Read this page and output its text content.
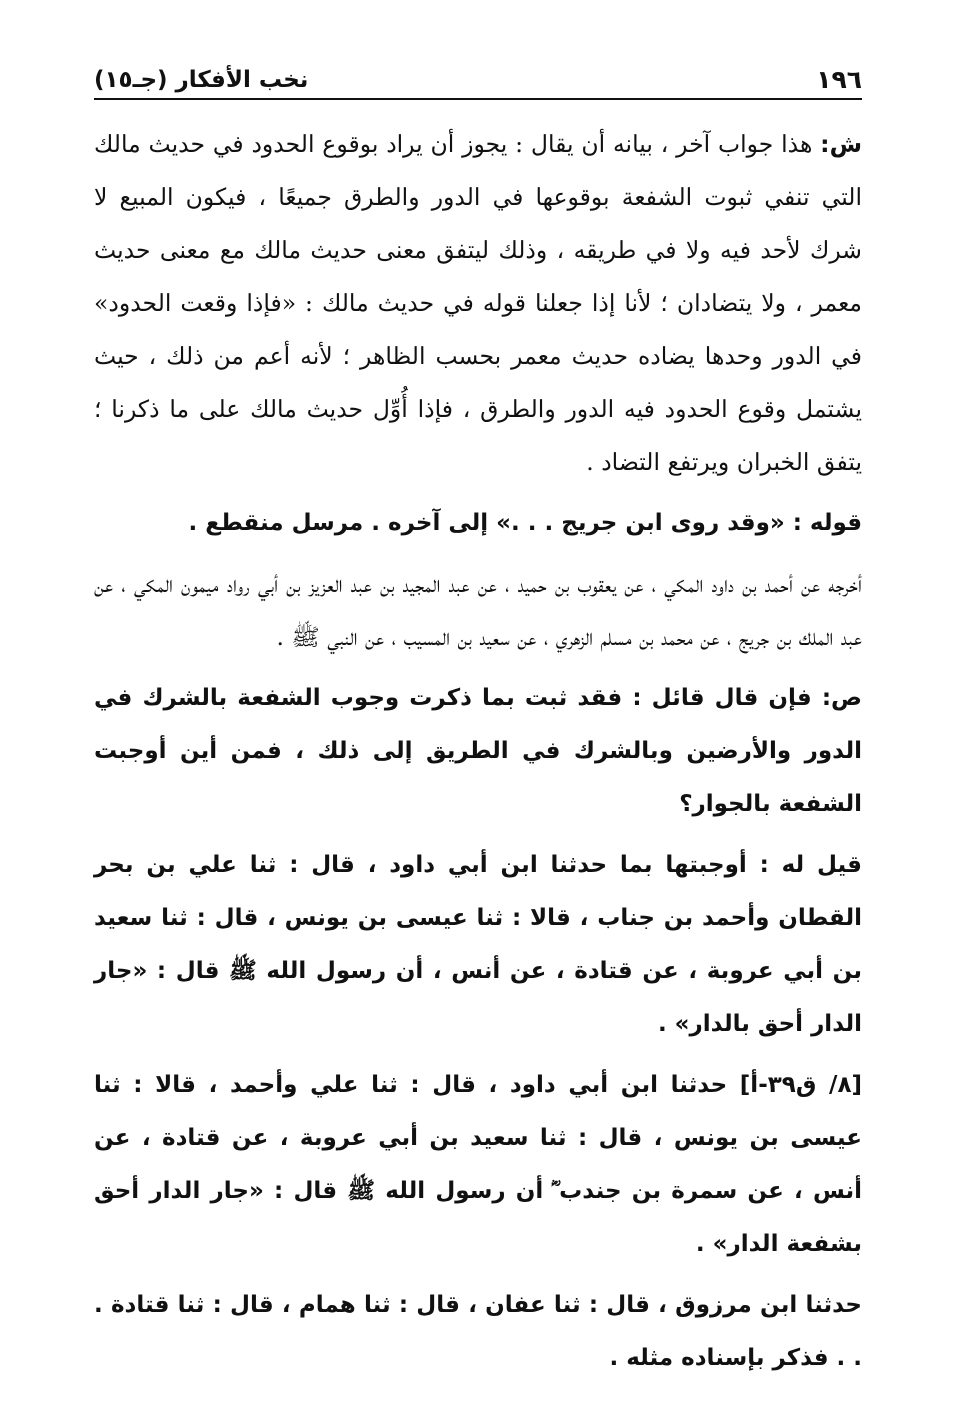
١٩٦
نخب الأفكار (جـ١٥)

ش: هذا جواب آخر ، بيانه أن يقال : يجوز أن يراد بوقوع الحدود في حديث مالك التي تنفي ثبوت الشفعة بوقوعها في الدور والطرق جميعًا ، فيكون المبيع لا شرك لأحد فيه ولا في طريقه ، وذلك ليتفق معنى حديث مالك مع معنى حديث معمر ، ولا يتضادان ؛ لأنا إذا جعلنا قوله في حديث مالك : «فإذا وقعت الحدود» في الدور وحدها يضاده حديث معمر بحسب الظاهر ؛ لأنه أعم من ذلك ، حيث يشتمل وقوع الحدود فيه الدور والطرق ، فإذا أُوِّل حديث مالك على ما ذكرنا ؛ يتفق الخبران ويرتفع التضاد .

قوله : «وقد روى ابن جريج . . .» إلى آخره . مرسل منقطع .

أخرجه عن أحمد بن داود المكي ، عن يعقوب بن حميد ، عن عبد المجيد بن عبد العزيز بن أبي رواد ميمون المكي ، عن عبد الملك بن جريج ، عن محمد بن مسلم الزهري ، عن سعيد بن المسيب ، عن النبي ﷺ .

ص: فإن قال قائل : فقد ثبت بما ذكرت وجوب الشفعة بالشرك في الدور والأرضين وبالشرك في الطريق إلى ذلك ، فمن أين أوجبت الشفعة بالجوار؟

قيل له : أوجبتها بما حدثنا ابن أبي داود ، قال : ثنا علي بن بحر القطان وأحمد بن جناب ، قالا : ثنا عيسى بن يونس ، قال : ثنا سعيد بن أبي عروبة ، عن قتادة ، عن أنس ، أن رسول الله ﷺ قال : «جار الدار أحق بالدار» .

[٨/ ق٣٩-أ] حدثنا ابن أبي داود ، قال : ثنا علي وأحمد ، قالا : ثنا عيسى بن يونس ، قال : ثنا سعيد بن أبي عروبة ، عن قتادة ، عن أنس ، عن سمرة بن جندب ؓ أن رسول الله ﷺ قال : «جار الدار أحق بشفعة الدار» .

حدثنا ابن مرزوق ، قال : ثنا عفان ، قال : ثنا همام ، قال : ثنا قتادة . . . فذكر بإسناده مثله .
